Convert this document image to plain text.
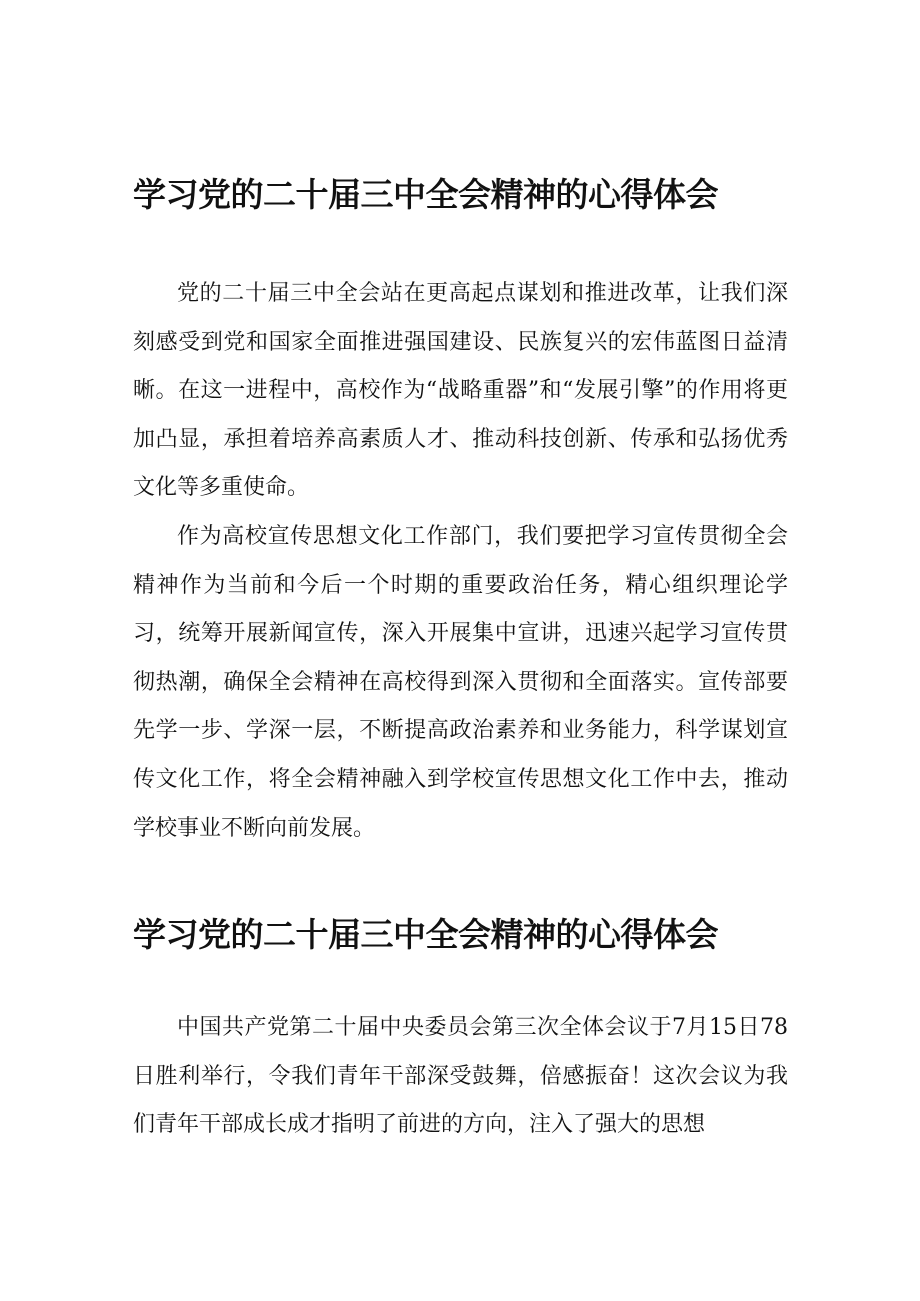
学习党的二十届三中全会精神的心得体会

党的二十届三中全会站在更高起点谋划和推进改革，让我们深刻感受到党和国家全面推进强国建设、民族复兴的宏伟蓝图日益清晰。在这一进程中，高校作为“战略重器”和“发展引擎”的作用将更加凸显，承担着培养高素质人才、推动科技创新、传承和弘扬优秀文化等多重使命。

作为高校宣传思想文化工作部门，我们要把学习宣传贯彻全会精神作为当前和今后一个时期的重要政治任务，精心组织理论学习，统筹开展新闻宣传，深入开展集中宣讲，迅速兴起学习宣传贯彻热潮，确保全会精神在高校得到深入贯彻和全面落实。宣传部要先学一步、学深一层，不断提高政治素养和业务能力，科学谋划宣传文化工作，将全会精神融入到学校宣传思想文化工作中去，推动学校事业不断向前发展。

学习党的二十届三中全会精神的心得体会

中国共产党第二十届中央委员会第三次全体会议于7月15日78日胜利举行，令我们青年干部深受鼓舞，倍感振奋！这次会议为我们青年干部成长成才指明了前进的方向，注入了强大的思想
